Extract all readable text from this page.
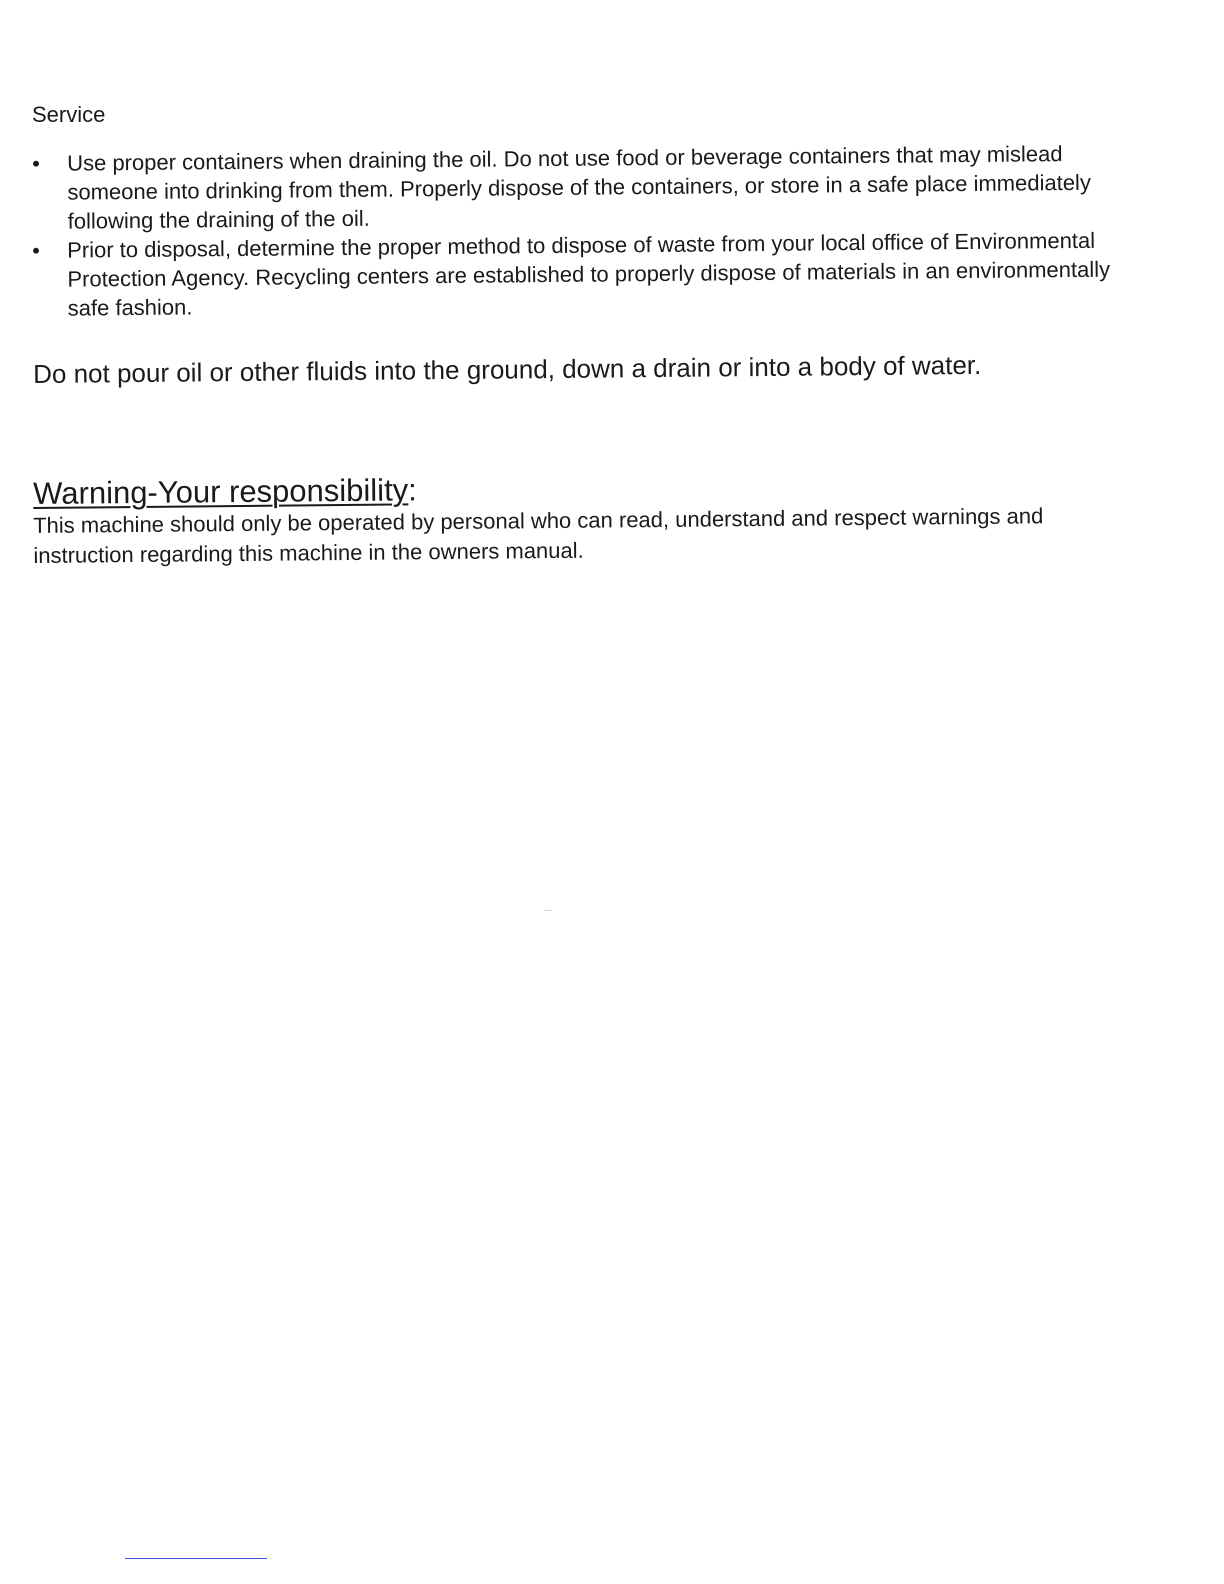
Service
• Use proper containers when draining the oil. Do not use food or beverage containers that may mislead someone into drinking from them. Properly dispose of the containers, or store in a safe place immediately following the draining of the oil.
• Prior to disposal, determine the proper method to dispose of waste from your local office of Environmental Protection Agency. Recycling centers are established to properly dispose of materials in an environmentally safe fashion.

Do not pour oil or other fluids into the ground, down a drain or into a body of water.

Warning-Your responsibility:

This machine should only be operated by personal who can read, understand and respect warnings and instruction regarding this machine in the owners manual.

...
